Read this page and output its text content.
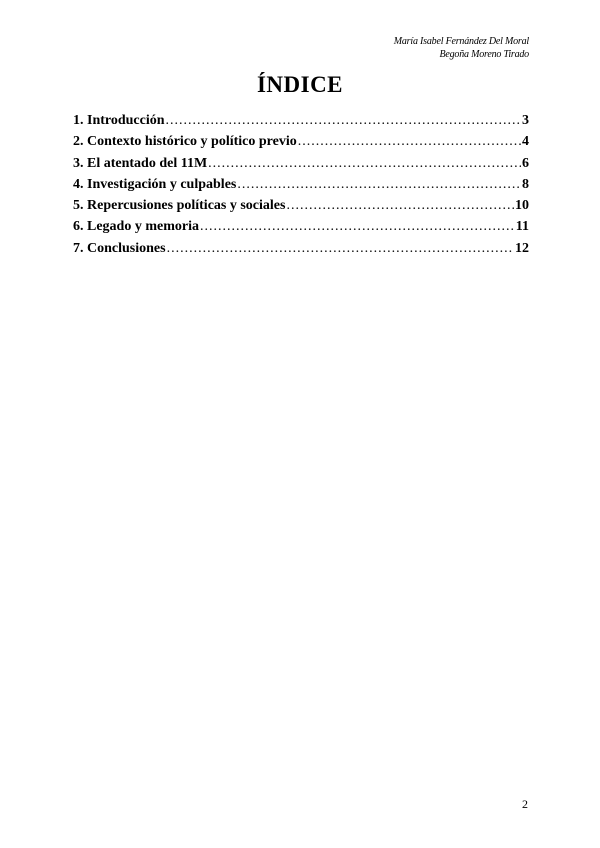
María Isabel Fernández Del Moral
Begoña Moreno Tirado
ÍNDICE
1. Introducción .....	3
2. Contexto histórico y político previo .....	4
3. El atentado del 11M .....	6
4. Investigación y culpables .....	8
5. Repercusiones políticas y sociales .....	10
6. Legado y memoria .....	11
7. Conclusiones .....	12
2
